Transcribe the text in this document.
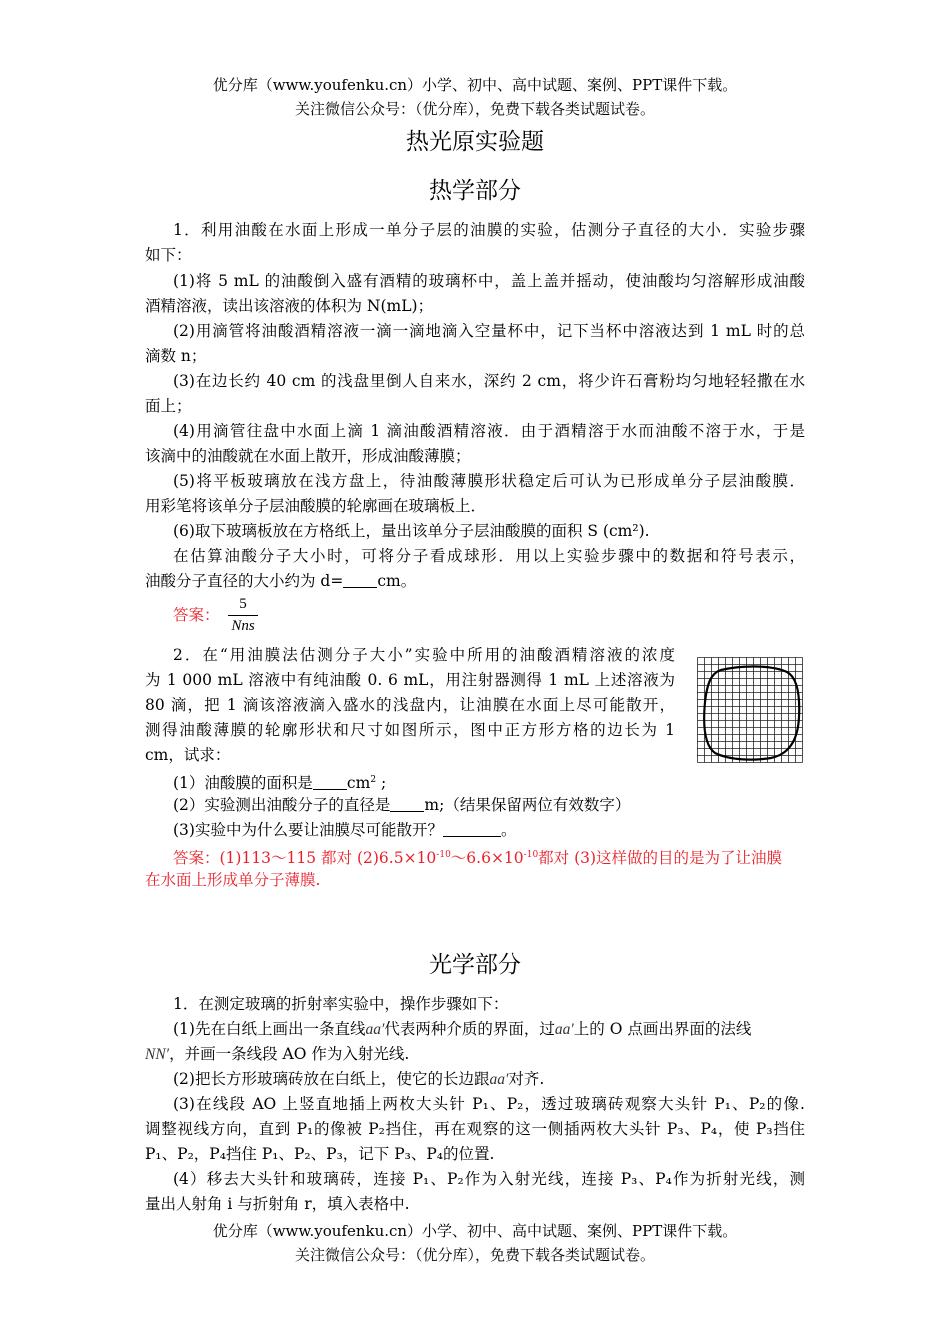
优分库（www.youfenku.cn）小学、初中、高中试题、案例、PPT课件下载。
关注微信公众号：（优分库），免费下载各类试题试卷。
热光原实验题
热学部分
1．利用油酸在水面上形成一单分子层的油膜的实验，估测分子直径的大小．实验步骤
如下：
(1)将 5 mL 的油酸倒入盛有酒精的玻璃杯中，盖上盖并摇动，使油酸均匀溶解形成油酸
酒精溶液，读出该溶液的体积为 N(mL)；
(2)用滴管将油酸酒精溶液一滴一滴地滴入空量杯中，记下当杯中溶液达到 1 mL 时的总
滴数 n；
(3)在边长约 40 cm 的浅盘里倒人自来水，深约 2 cm，将少许石膏粉均匀地轻轻撒在水
面上；
(4)用滴管往盘中水面上滴 1 滴油酸酒精溶液．由于酒精溶于水而油酸不溶于水，于是
该滴中的油酸就在水面上散开，形成油酸薄膜；
(5)将平板玻璃放在浅方盘上，待油酸薄膜形状稳定后可认为已形成单分子层油酸膜．
用彩笔将该单分子层油酸膜的轮廓画在玻璃板上．
(6)取下玻璃板放在方格纸上，量出该单分子层油酸膜的面积 S (cm²).
在估算油酸分子大小时，可将分子看成球形．用以上实验步骤中的数据和符号表示，
油酸分子直径的大小约为 d= cm。
答案：
5
Nns
2．在“用油膜法估测分子大小”实验中所用的油酸酒精溶液的浓度
为 1 000 mL 溶液中有纯油酸 0. 6 mL，用注射器测得 1 mL 上述溶液为
80 滴，把 1 滴该溶液滴入盛水的浅盘内，让油膜在水面上尽可能散开，
测得油酸薄膜的轮廓形状和尺寸如图所示，图中正方形方格的边长为 1
cm，试求：
(1）油酸膜的面积是 $cm^2$ ;
(2）实验测出油酸分子的直径是 m;（结果保留两位有效数字）
(3)实验中为什么要让油膜尽可能散开？	。
答案：(1)113～115 都对 $(2)6.5\times 10^{-10}\sim 6.6\times 10^{-10}$都对 (3)这样做的目的是为了让油膜
在水面上形成单分子薄膜.
光学部分
1．在测定玻璃的折射率实验中，操作步骤如下：
(1)先在白纸上画出一条直线aa′代表两种介质的界面，过aa′上的 O 点画出界面的法线
NN′，并画一条线段 AO 作为入射光线.
(2)把长方形玻璃砖放在白纸上，使它的长边跟aa′对齐.
(3)在线段 AO 上竖直地插上两枚大头针 P₁、P₂，透过玻璃砖观察大头针 P₁、P₂的像.
调整视线方向，直到 P₁的像被 P₂挡住，再在观察的这一侧插两枚大头针 P₃、P₄，使 P₃挡住
P₁、P₂，P₄挡住 P₁、P₂、P₃，记下 P₃、P₄的位置.
(4）移去大头针和玻璃砖，连接 P₁、P₂作为入射光线，连接 P₃、P₄作为折射光线，测
量出人射角 i 与折射角 r，填入表格中.
优分库（www.youfenku.cn）小学、初中、高中试题、案例、PPT课件下载。
关注微信公众号：（优分库），免费下载各类试题试卷。
